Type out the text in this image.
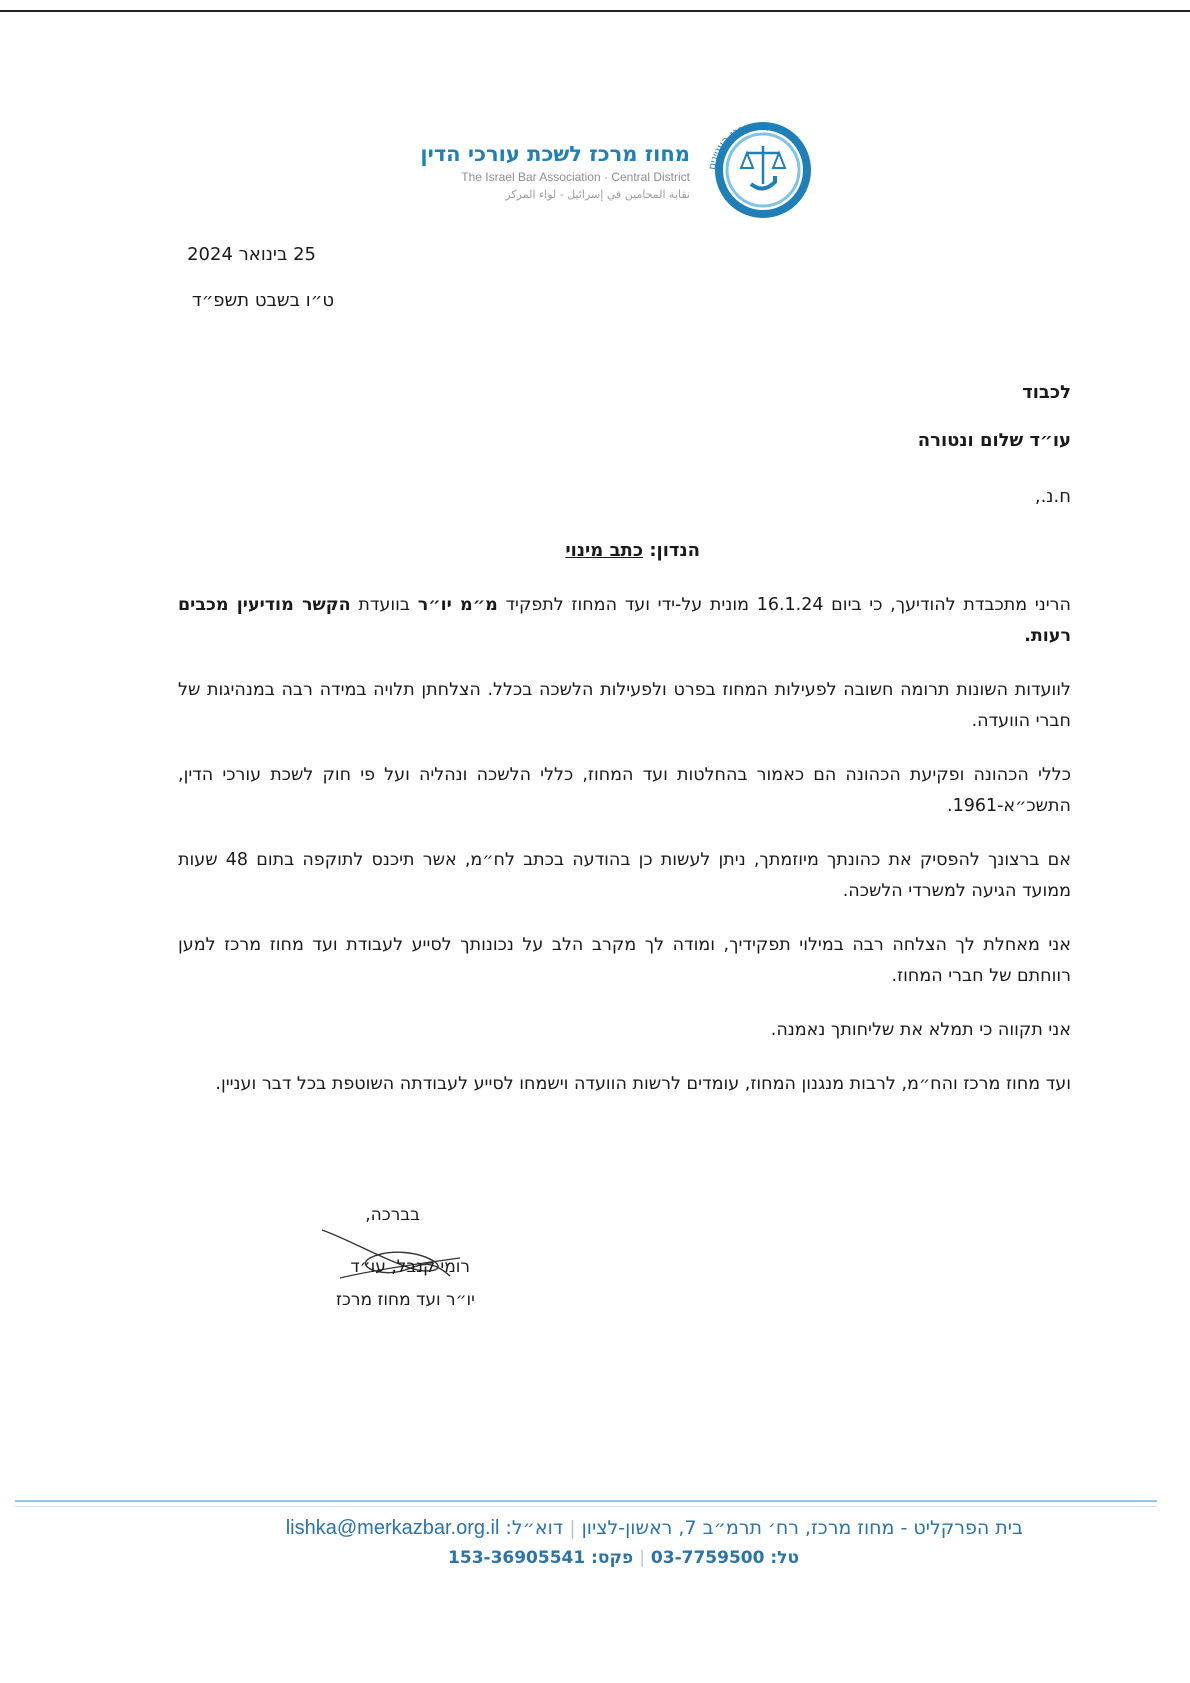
מחוז מרכז לשכת עורכי הדין
The Israel Bar Association · Central District
نقابة المحامين في إسرائيل - لواء المركز
המוקד במרכז העניינים
25 בינואר 2024
ט״ו בשבט תשפ״ד
לכבוד
עו״ד שלום ונטורה
ח.נ.,
הנדון: כתב מינוי

הריני מתכבדת להודיעך, כי ביום 16.1.24 מונית על-ידי ועד המחוז לתפקיד מ״מ יו״ר בוועדת הקשר מודיעין מכבים רעות.

לוועדות השונות תרומה חשובה לפעילות המחוז בפרט ולפעילות הלשכה בכלל. הצלחתן תלויה במידה רבה במנהיגות של חברי הוועדה.

כללי הכהונה ופקיעת הכהונה הם כאמור בהחלטות ועד המחוז, כללי הלשכה ונהליה ועל פי חוק לשכת עורכי הדין, התשכ״א-1961.

אם ברצונך להפסיק את כהונתך מיוזמתך, ניתן לעשות כן בהודעה בכתב לח״מ, אשר תיכנס לתוקפה בתום 48 שעות ממועד הגיעה למשרדי הלשכה.

אני מאחלת לך הצלחה רבה במילוי תפקידיך, ומודה לך מקרב הלב על נכונותך לסייע לעבודת ועד מחוז מרכז למען רווחתם של חברי המחוז.

אני תקווה כי תמלא את שליחותך נאמנה.

ועד מחוז מרכז והח״מ, לרבות מנגנון המחוז, עומדים לרשות הוועדה וישמחו לסייע לעבודתה השוטפת בכל דבר ועניין.

בברכה,
רומי קנבל, עו״ד
יו״ר ועד מחוז מרכז
בית הפרקליט - מחוז מרכז, רח׳ תרמ״ב 7, ראשון-לציון|דוא״ל: lishka@merkazbar.org.il
טל: 03-7759500|פקס: 153-36905541
